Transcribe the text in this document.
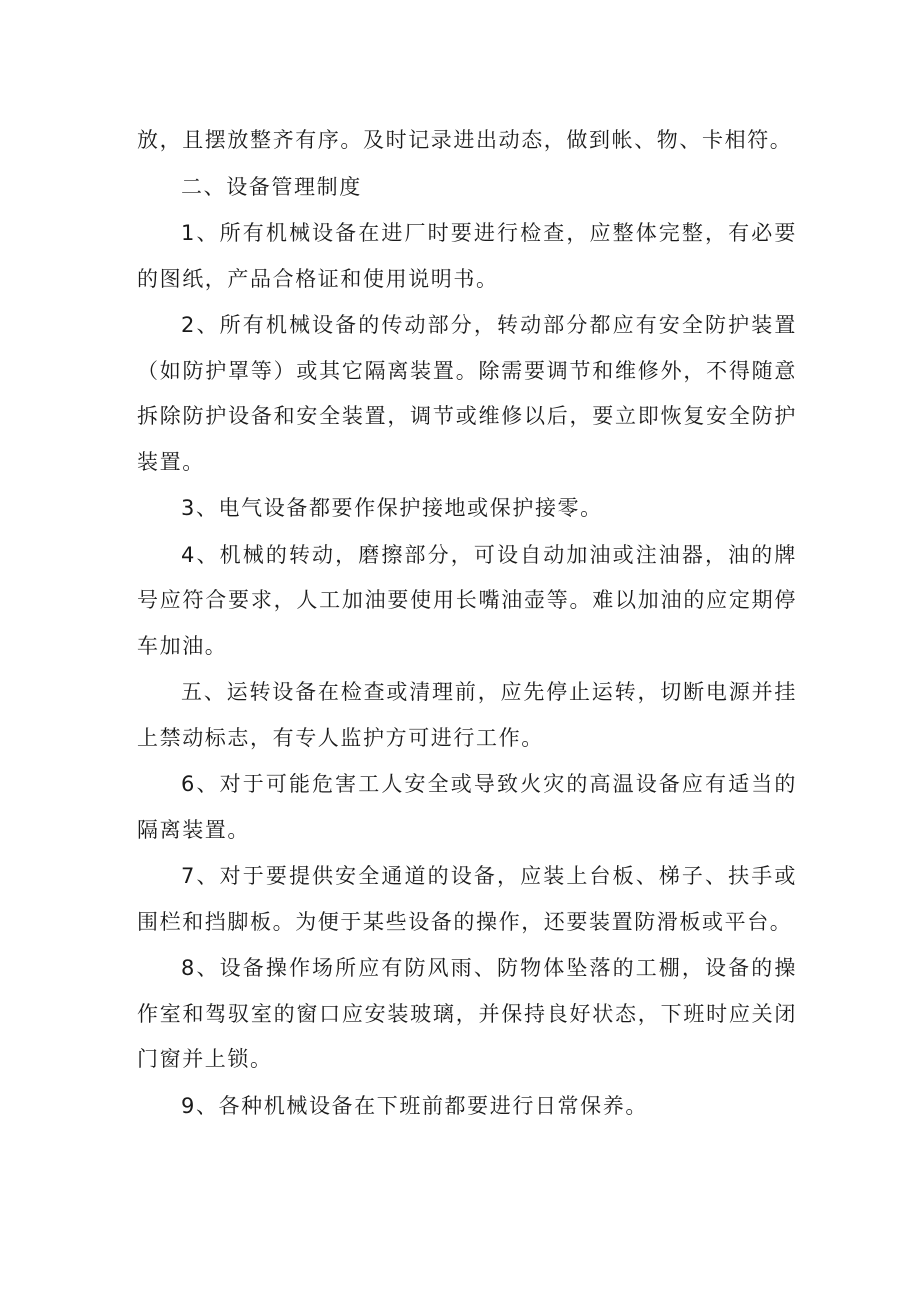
放，且摆放整齐有序。及时记录进出动态，做到帐、物、卡相符。

二、设备管理制度

1、所有机械设备在进厂时要进行检查，应整体完整，有必要的图纸，产品合格证和使用说明书。

2、所有机械设备的传动部分，转动部分都应有安全防护装置（如防护罩等）或其它隔离装置。除需要调节和维修外，不得随意拆除防护设备和安全装置，调节或维修以后，要立即恢复安全防护装置。

3、电气设备都要作保护接地或保护接零。

4、机械的转动，磨擦部分，可设自动加油或注油器，油的牌号应符合要求，人工加油要使用长嘴油壶等。难以加油的应定期停车加油。

五、运转设备在检查或清理前，应先停止运转，切断电源并挂上禁动标志，有专人监护方可进行工作。

6、对于可能危害工人安全或导致火灾的高温设备应有适当的隔离装置。

7、对于要提供安全通道的设备，应装上台板、梯子、扶手或围栏和挡脚板。为便于某些设备的操作，还要装置防滑板或平台。

8、设备操作场所应有防风雨、防物体坠落的工棚，设备的操作室和驾驭室的窗口应安装玻璃，并保持良好状态，下班时应关闭门窗并上锁。

9、各种机械设备在下班前都要进行日常保养。
